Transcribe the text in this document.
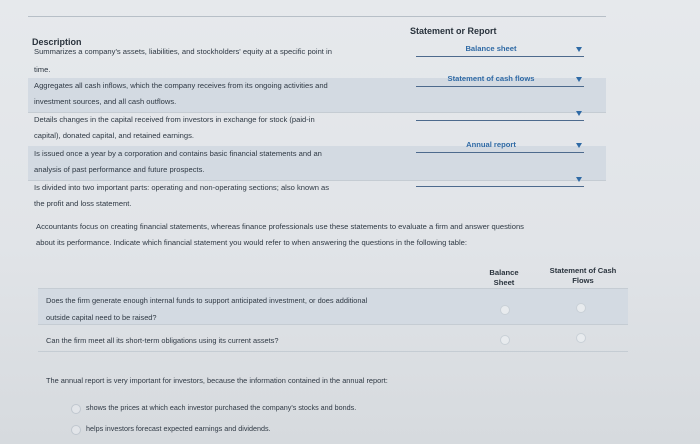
Statement or Report
Description
Summarizes a company's assets, liabilities, and stockholders' equity at a specific point in
time.
Balance sheet
Aggregates all cash inflows, which the company receives from its ongoing activities and
investment sources, and all cash outflows.
Statement of cash flows
Details changes in the capital received from investors in exchange for stock (paid-in
capital), donated capital, and retained earnings.
Is issued once a year by a corporation and contains basic financial statements and an
analysis of past performance and future prospects.
Annual report
Is divided into two important parts: operating and non-operating sections; also known as
the profit and loss statement.
Accountants focus on creating financial statements, whereas finance professionals use these statements to evaluate a firm and answer questions
about its performance. Indicate which financial statement you would refer to when answering the questions in the following table:
Balance
Sheet
Statement of Cash
Flows
Does the firm generate enough internal funds to support anticipated investment, or does additional
outside capital need to be raised?
Can the firm meet all its short-term obligations using its current assets?
The annual report is very important for investors, because the information contained in the annual report:
shows the prices at which each investor purchased the company's stocks and bonds.
helps investors forecast expected earnings and dividends.
